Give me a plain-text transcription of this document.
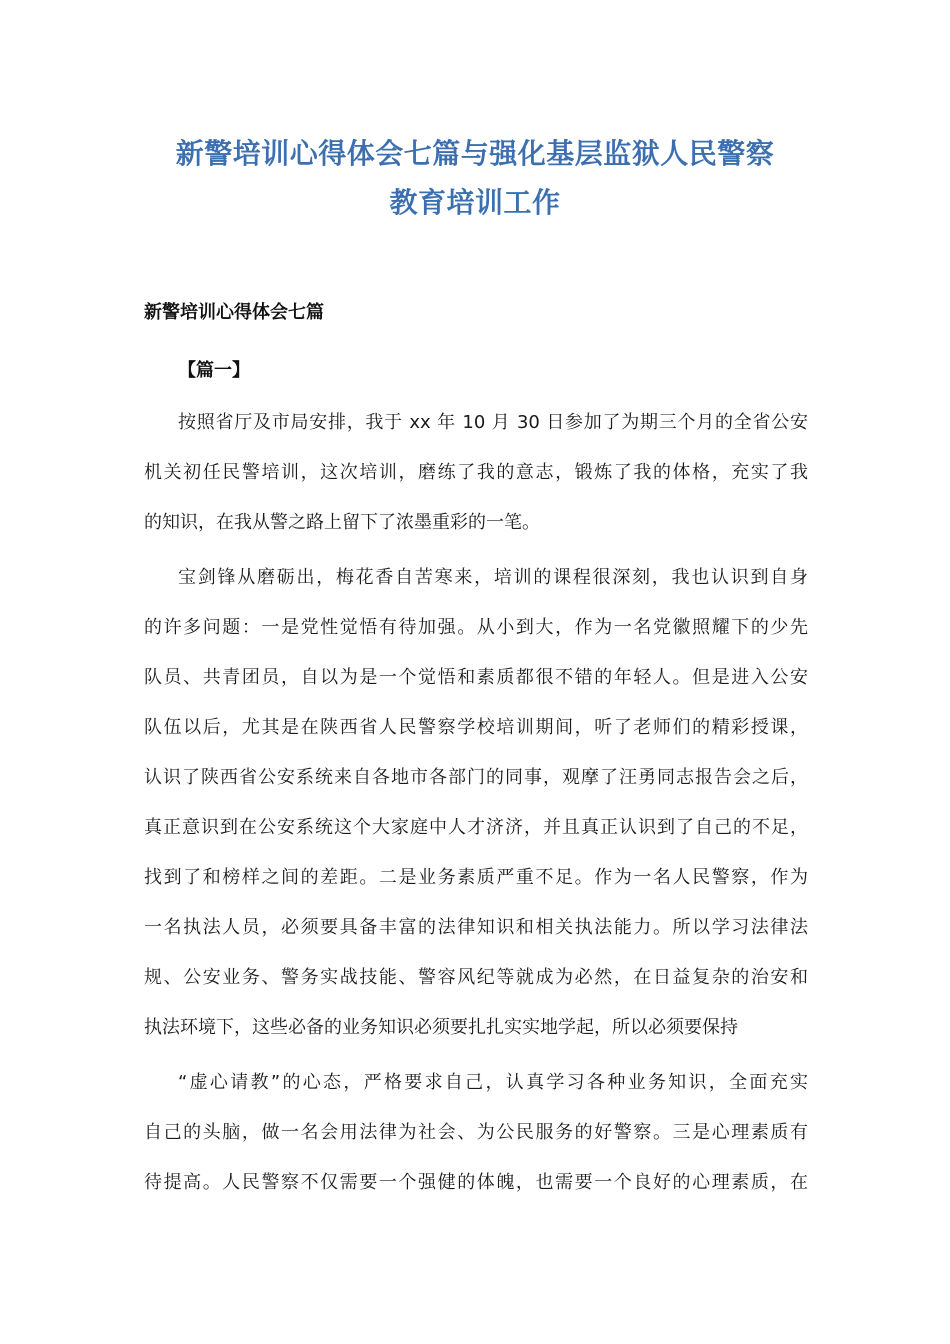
新警培训心得体会七篇与强化基层监狱人民警察
教育培训工作
新警培训心得体会七篇
【篇一】
按照省厅及市局安排，我于 xx 年 10 月 30 日参加了为期三个月的全省公安
机关初任民警培训，这次培训，磨练了我的意志，锻炼了我的体格，充实了我
的知识，在我从警之路上留下了浓墨重彩的一笔。
宝剑锋从磨砺出，梅花香自苦寒来，培训的课程很深刻，我也认识到自身
的许多问题：一是党性觉悟有待加强。从小到大，作为一名党徽照耀下的少先
队员、共青团员，自以为是一个觉悟和素质都很不错的年轻人。但是进入公安
队伍以后，尤其是在陕西省人民警察学校培训期间，听了老师们的精彩授课，
认识了陕西省公安系统来自各地市各部门的同事，观摩了汪勇同志报告会之后，
真正意识到在公安系统这个大家庭中人才济济，并且真正认识到了自己的不足，
找到了和榜样之间的差距。二是业务素质严重不足。作为一名人民警察，作为
一名执法人员，必须要具备丰富的法律知识和相关执法能力。所以学习法律法
规、公安业务、警务实战技能、警容风纪等就成为必然，在日益复杂的治安和
执法环境下，这些必备的业务知识必须要扎扎实实地学起，所以必须要保持
“虚心请教”的心态，严格要求自己，认真学习各种业务知识，全面充实
自己的头脑，做一名会用法律为社会、为公民服务的好警察。三是心理素质有
待提高。人民警察不仅需要一个强健的体魄，也需要一个良好的心理素质，在
